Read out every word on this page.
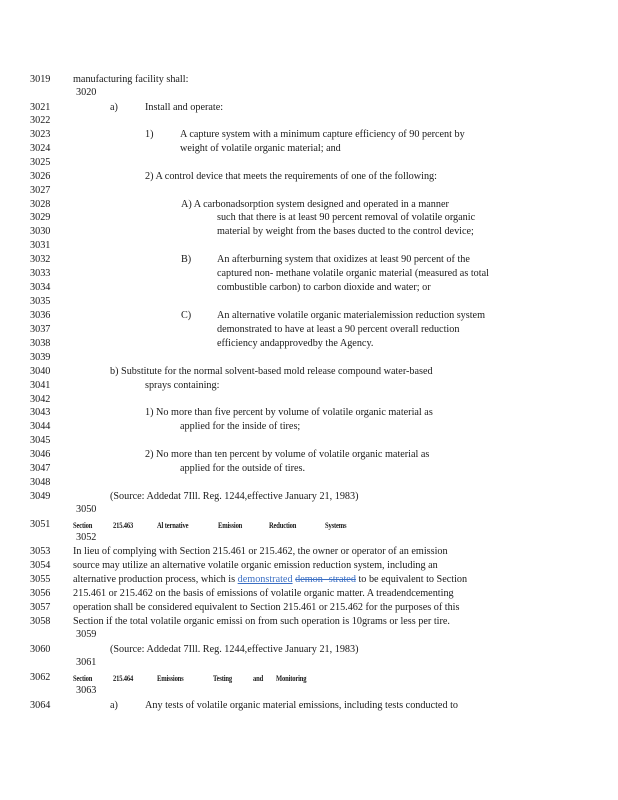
3019	manufacturing facility shall:
3020
3021	a)	Install and operate:
3022
3023	1)	A capture system with a minimum capture efficiency of 90 percent by
3024	weight of volatile organic material; and
3025
3026	2) A control device that meets the requirements of one of the following:
3027
3028	A) A carbonadsorption system designed and operated in a manner
3029	such that there is at least 90 percent removal of volatile organic
3030	material by weight from the bases ducted to the control device;
3031
3032	B)	An afterburning system that oxidizes at least 90 percent of the
3033	captured non- methane volatile organic material (measured as total
3034	combustible carbon) to carbon dioxide and water; or
3035
3036	C)	An alternative volatile organic materialemission reduction system
3037	demonstrated to have at least a 90 percent overall reduction
3038	efficiency andapprovedby the Agency.
3039
3040	b) Substitute for the normal solvent-based mold release compound water-based
3041	sprays containing:
3042
3043	1) No more than five percent by volume of volatile organic material as
3044	applied for the inside of tires;
3045
3046	2) No more than ten percent by volume of volatile organic material as
3047	applied for the outside of tires.
3048
3049	(Source: Addedat 7Ill. Reg. 1244,effective January 21, 1983)
3050
3051	Section 215.463	Al ternative	Emission	Reduction	Systems
3052
3053	In lieu of complying with Section 215.461 or 215.462, the owner or operator of an emission
3054	source may utilize an alternative volatile organic emission reduction system, including an
3055	alternative production process, which is demonstrated demon- strated to be equivalent to Section
3056	215.461 or 215.462 on the basis of emissions of volatile organic matter. A treadendcementing
3057	operation shall be considered equivalent to Section 215.461 or 215.462 for the purposes of this
3058	Section if the total volatile organic emissi on from such operation is 10grams or less per tire.
3059
3060	(Source: Addedat 7Ill. Reg. 1244,effective January 21, 1983)
3061
3062	Section 215.464	Emissions	Testing and Monitoring
3063
3064	a)	Any tests of volatile organic material emissions, including tests conducted to
